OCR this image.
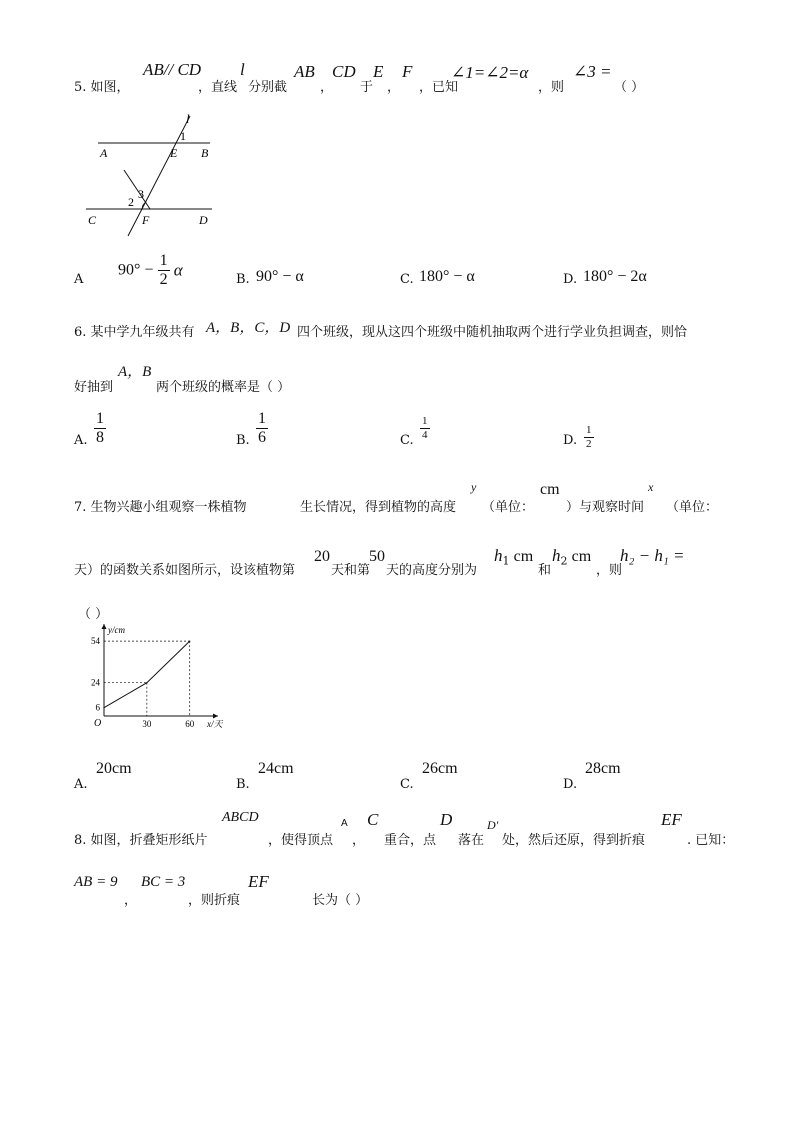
5. 如图，
AB// CD
，直线
l
分别截
AB
，
CD
于
E
，
F
，已知
∠1=∠2=α
，则
∠3 =
（ ）
l
1
A	E B
3
2
C	F	D
A
$90^\circ - \frac{1}{2}$ α	B. 90° − α	C. 180° − α	D. 180° − 2α
6. 某中学九年级共有 A，B，C，D 四个班级，现从这四个班级中随机抽取两个进行学业负担调查，则恰
好抽到
A，B
两个班级的概率是（ ）
A. $\frac{1}{8}$	B. $\frac{1}{6}$	C. $\frac{1}{4}$	D. $\frac{1}{2}$
7. 生物兴趣小组观察一株植物	生长情况，得到植物的高度
y
（单位：
cm
）与观察时间
x
（单位：
天）的函数关系如图所示，设该植物第
20
天和第
50
天的高度分别为
$h_1$ cm
和
$h_2$ cm
，则
h₂ − h₁ =
（ ）
6
24
54
30	60
O
y/cm
x/天
A.
20cm
B.
24cm
C.
26cm
D.
28cm
8. 如图，折叠矩形纸片
ABCD
，使得顶点
A
，
C
重合，点
D
落在
D′
处，然后还原，得到折痕
EF
. 已知：
AB = 9
，
BC = 3
，则折痕
EF
长为（ ）
